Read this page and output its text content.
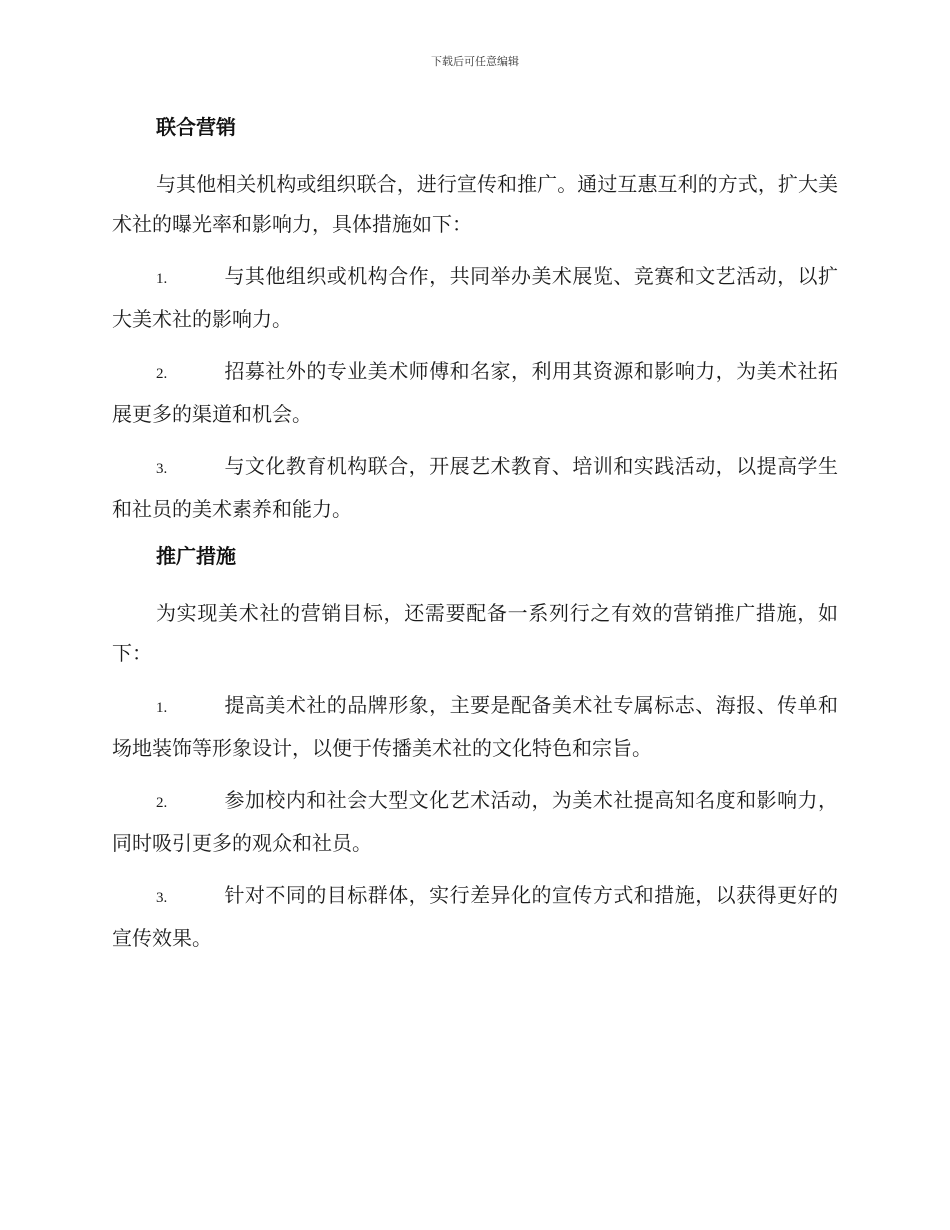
下载后可任意编辑
联合营销

与其他相关机构或组织联合，进行宣传和推广。通过互惠互利的方式，扩大美术社的曝光率和影响力，具体措施如下：

1.	与其他组织或机构合作，共同举办美术展览、竞赛和文艺活动，以扩大美术社的影响力。

2.	招募社外的专业美术师傅和名家，利用其资源和影响力，为美术社拓展更多的渠道和机会。

3.	与文化教育机构联合，开展艺术教育、培训和实践活动，以提高学生和社员的美术素养和能力。

推广措施

为实现美术社的营销目标，还需要配备一系列行之有效的营销推广措施，如下：

1.	提高美术社的品牌形象，主要是配备美术社专属标志、海报、传单和场地装饰等形象设计，以便于传播美术社的文化特色和宗旨。

2.	参加校内和社会大型文化艺术活动，为美术社提高知名度和影响力，同时吸引更多的观众和社员。

3.	针对不同的目标群体，实行差异化的宣传方式和措施，以获得更好的宣传效果。
